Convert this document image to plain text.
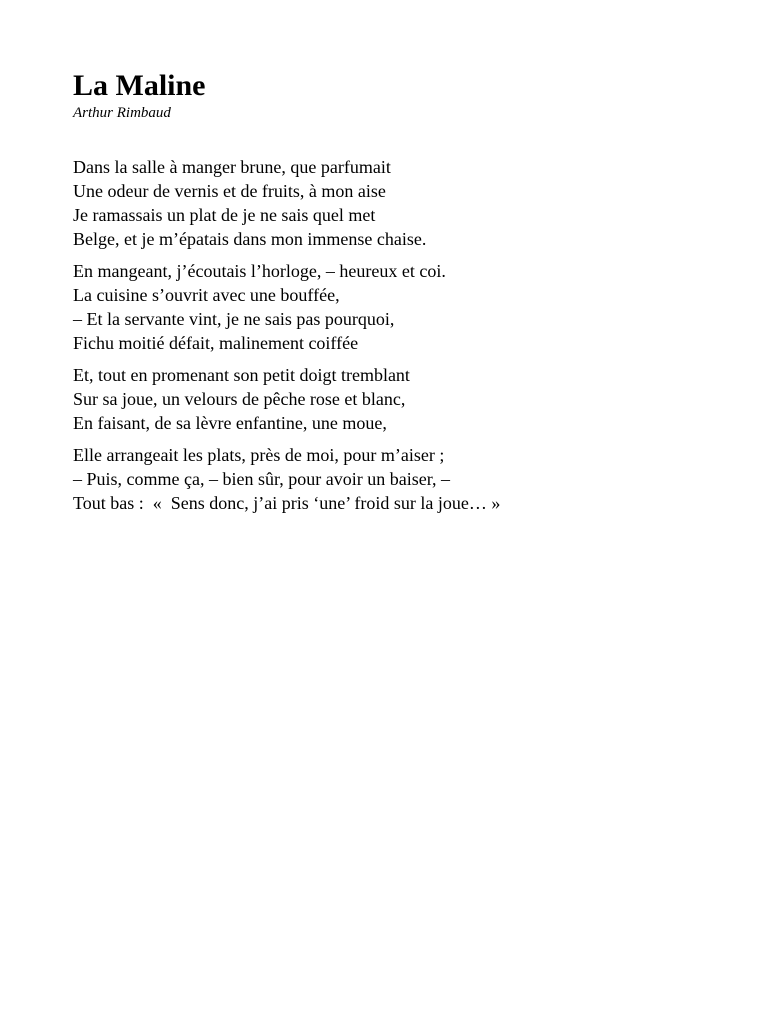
La Maline

Arthur Rimbaud

Dans la salle à manger brune, que parfumait
Une odeur de vernis et de fruits, à mon aise
Je ramassais un plat de je ne sais quel met
Belge, et je m’épatais dans mon immense chaise.

En mangeant, j’écoutais l’horloge, – heureux et coi.
La cuisine s’ouvrit avec une bouffée,
– Et la servante vint, je ne sais pas pourquoi,
Fichu moitié défait, malinement coiffée

Et, tout en promenant son petit doigt tremblant
Sur sa joue, un velours de pêche rose et blanc,
En faisant, de sa lèvre enfantine, une moue,

Elle arrangeait les plats, près de moi, pour m’aiser ;
– Puis, comme ça, – bien sûr, pour avoir un baiser, –
Tout bas :  «  Sens donc, j’ai pris ‘une’ froid sur la joue… »
